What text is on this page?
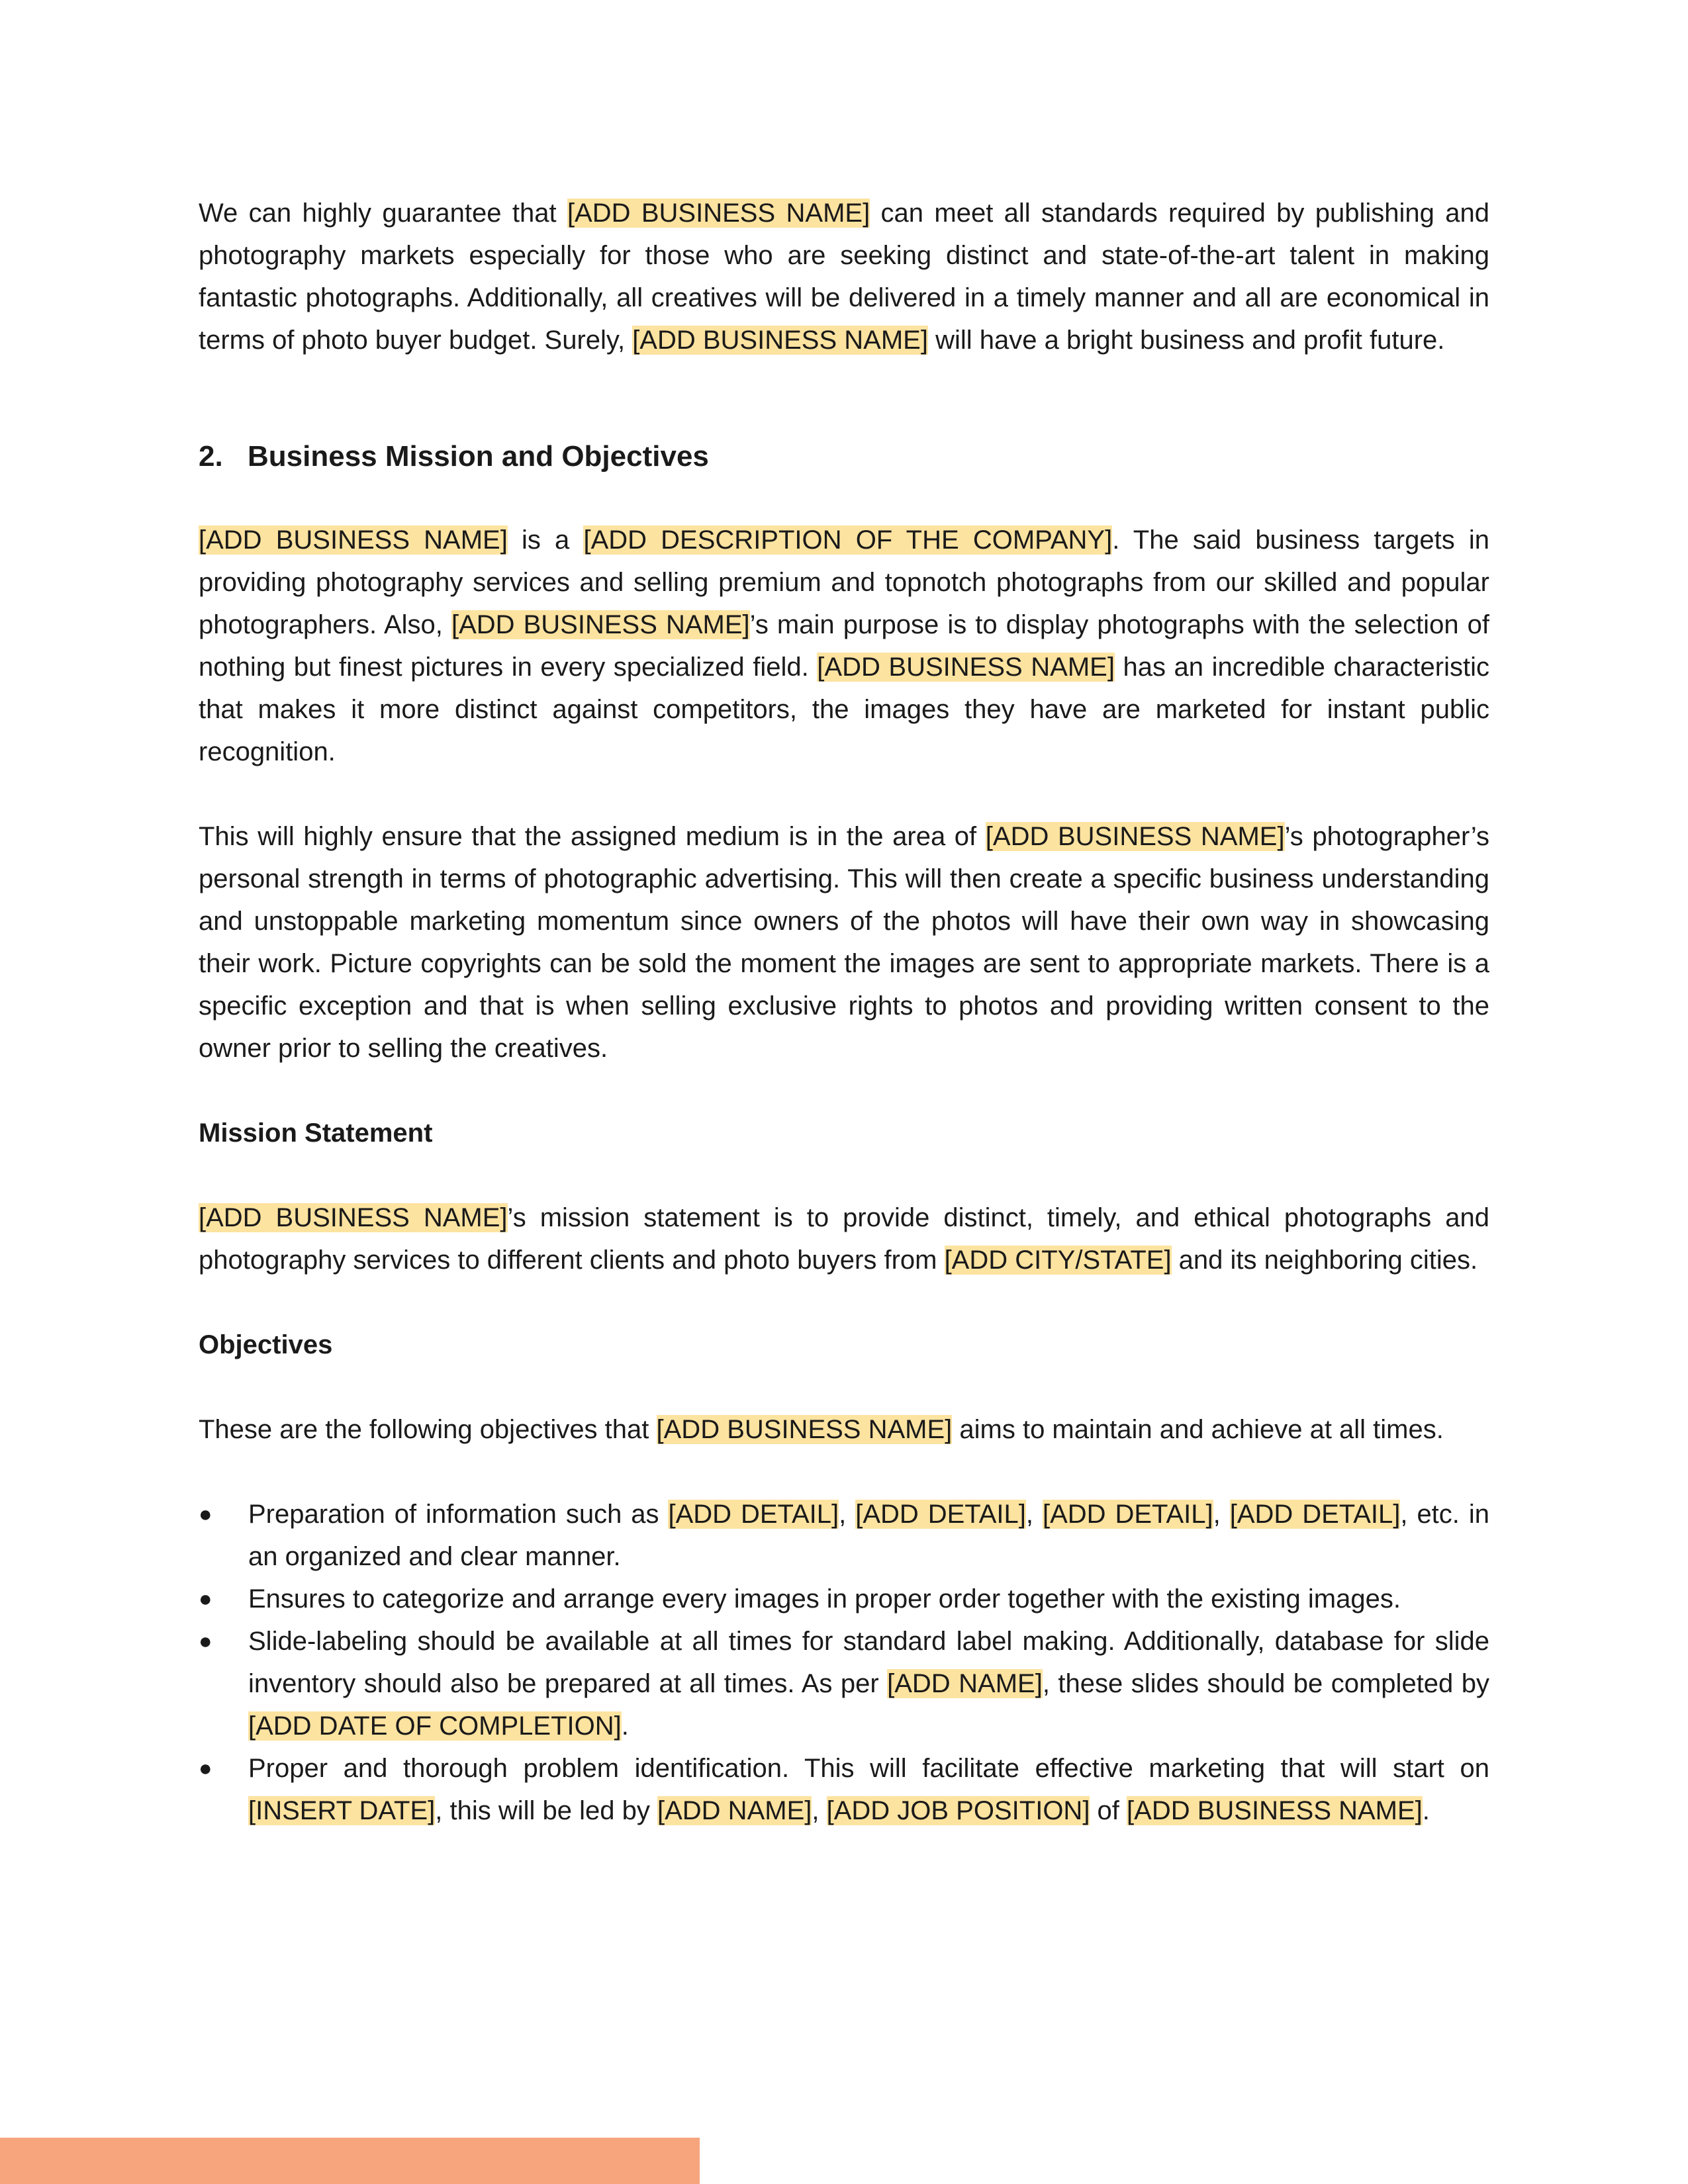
We can highly guarantee that [ADD BUSINESS NAME] can meet all standards required by publishing and photography markets especially for those who are seeking distinct and state-of-the-art talent in making fantastic photographs. Additionally, all creatives will be delivered in a timely manner and all are economical in terms of photo buyer budget. Surely, [ADD BUSINESS NAME] will have a bright business and profit future.

2. Business Mission and Objectives

[ADD BUSINESS NAME] is a [ADD DESCRIPTION OF THE COMPANY]. The said business targets in providing photography services and selling premium and topnotch photographs from our skilled and popular photographers. Also, [ADD BUSINESS NAME]’s main purpose is to display photographs with the selection of nothing but finest pictures in every specialized field. [ADD BUSINESS NAME] has an incredible characteristic that makes it more distinct against competitors, the images they have are marketed for instant public recognition.

This will highly ensure that the assigned medium is in the area of [ADD BUSINESS NAME]’s photographer’s personal strength in terms of photographic advertising. This will then create a specific business understanding and unstoppable marketing momentum since owners of the photos will have their own way in showcasing their work. Picture copyrights can be sold the moment the images are sent to appropriate markets. There is a specific exception and that is when selling exclusive rights to photos and providing written consent to the owner prior to selling the creatives.

Mission Statement

[ADD BUSINESS NAME]’s mission statement is to provide distinct, timely, and ethical photographs and photography services to different clients and photo buyers from [ADD CITY/STATE] and its neighboring cities.

Objectives

These are the following objectives that [ADD BUSINESS NAME] aims to maintain and achieve at all times.

●	Preparation of information such as [ADD DETAIL], [ADD DETAIL], [ADD DETAIL], [ADD DETAIL], etc. in an organized and clear manner.
●	Ensures to categorize and arrange every images in proper order together with the existing images.
●	Slide-labeling should be available at all times for standard label making. Additionally, database for slide inventory should also be prepared at all times. As per [ADD NAME], these slides should be completed by [ADD DATE OF COMPLETION].
●	Proper and thorough problem identification. This will facilitate effective marketing that will start on [INSERT DATE], this will be led by [ADD NAME], [ADD JOB POSITION] of [ADD BUSINESS NAME].
